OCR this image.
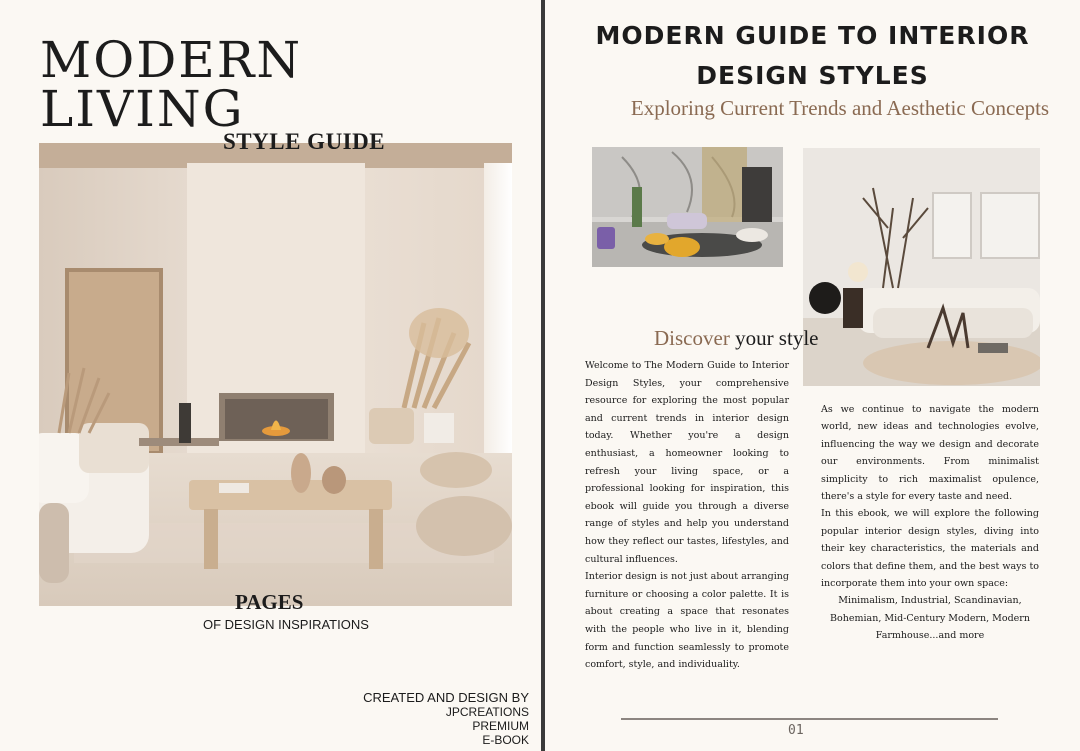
MODERN
LIVING
STYLE GUIDE
PAGES
OF DESIGN INSPIRATIONS
CREATED AND DESIGN BY
JPCREATIONS
PREMIUM
E-BOOK
MODERN GUIDE TO INTERIOR
DESIGN STYLES
Exploring Current Trends and Aesthetic Concepts
Discover your style

Welcome to The Modern Guide to Interior Design Styles, your comprehensive resource for exploring the most popular and current trends in interior design today. Whether you're a design enthusiast, a homeowner looking to refresh your living space, or a professional looking for inspiration, this ebook will guide you through a diverse range of styles and help you understand how they reflect our tastes, lifestyles, and cultural influences.

Interior design is not just about arranging furniture or choosing a color palette. It is about creating a space that resonates with the people who live in it, blending form and function seamlessly to promote comfort, style, and individuality.

As we continue to navigate the modern world, new ideas and technologies evolve, influencing the way we design and decorate our environments. From minimalist simplicity to rich maximalist opulence, there's a style for every taste and need.

In this ebook, we will explore the following popular interior design styles, diving into their key characteristics, the materials and colors that define them, and the best ways to incorporate them into your own space:

Minimalism, Industrial, Scandinavian, Bohemian, Mid-Century Modern, Modern Farmhouse...and more

01
